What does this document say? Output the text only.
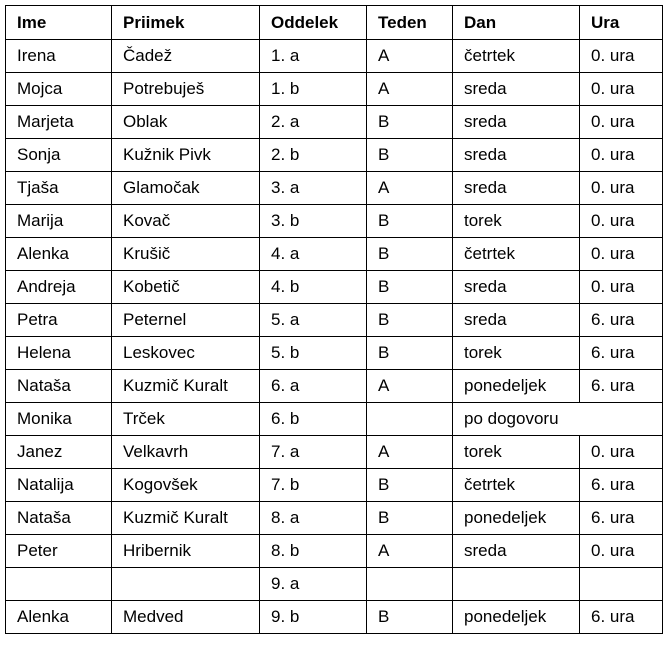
Ime	Priimek	Oddelek	Teden	Dan	Ura
Irena	Čadež	1. a	A	četrtek	0. ura
Mojca	Potrebuješ	1. b	A	sreda	0. ura
Marjeta	Oblak	2. a	B	sreda	0. ura
Sonja	Kužnik Pivk	2. b	B	sreda	0. ura
Tjaša	Glamočak	3. a	A	sreda	0. ura
Marija	Kovač	3. b	B	torek	0. ura
Alenka	Krušič	4. a	B	četrtek	0. ura
Andreja	Kobetič	4. b	B	sreda	0. ura
Petra	Peternel	5. a	B	sreda	6. ura
Helena	Leskovec	5. b	B	torek	6. ura
Nataša	Kuzmič Kuralt	6. a	A	ponedeljek	6. ura
Monika	Trček	6. b		po dogovoru	
Janez	Velkavrh	7. a	A	torek	0. ura
Natalija	Kogovšek	7. b	B	četrtek	6. ura
Nataša	Kuzmič Kuralt	8. a	B	ponedeljek	6. ura
Peter	Hribernik	8. b	A	sreda	0. ura
		9. a			
Alenka	Medved	9. b	B	ponedeljek	6. ura
